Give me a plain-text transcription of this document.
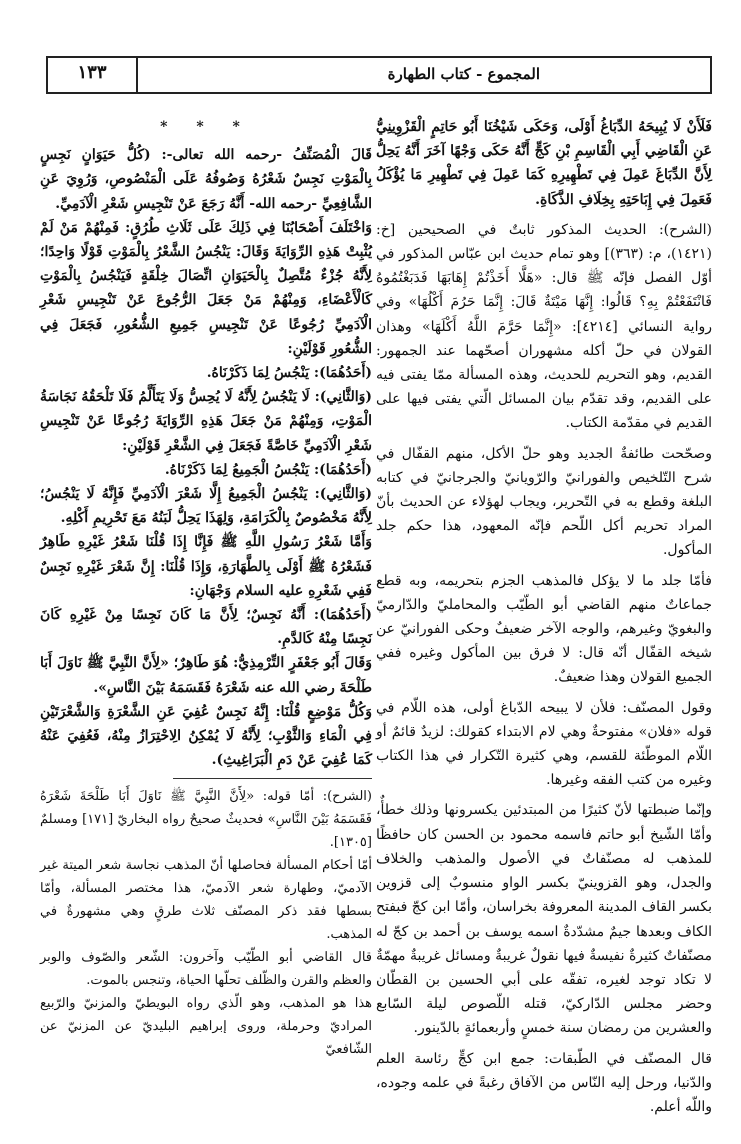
المجموع - كتاب الطهارة
١٣٣

فَلَأَنْ لَا يُبِيحَهُ الدِّبَاغُ أَوْلَى، وَحَكَى شَيْخُنَا أَبُو حَاتِمٍ الْقَزْوِينِيُّ عَنِ الْقَاضِي أَبِي الْقَاسِمِ بْنِ كَجٍّ أَنَّهُ حَكَى وَجْهًا آخَرَ أَنَّهُ يَحِلُّ لِأَنَّ الدِّبَاغَ عَمِلَ فِي تَطْهِيرِهِ كَمَا عَمِلَ فِي تَطْهِيرِ مَا يُؤْكَلُ فَعَمِلَ فِي إِبَاحَتِهِ بِخِلَافِ الذَّكَاةِ.

(الشرح): الحديث المذكور ثابتٌ في الصحيحين [خ: (١٤٢١)، م: (٣٦٣)] وهو تمام حديث ابن عبّاس المذكور في أوّل الفصل فإنّه ﷺ قال: «هَلَّا أَخَذْتُمْ إِهَابَهَا فَدَبَغْتُمُوهُ فَانْتَفَعْتُمْ بِهِ؟ قَالُوا: إِنَّهَا مَيْتَةٌ قَالَ: إِنَّمَا حَرُمَ أَكْلُهَا» وفي رواية النسائي [٤٢١٤]: «إِنَّمَا حَرَّمَ اللَّهُ أَكْلَهَا» وهذان القولان في حلّ أكله مشهوران أصحّهما عند الجمهور: القديم، وهو التحريم للحديث، وهذه المسألة ممّا يفتى فيه على القديم، وقد تقدّم بيان المسائل الّتي يفتى فيها على القديم في مقدّمة الكتاب.

وصحّحت طائفةٌ الجديد وهو حلّ الأكل، منهم القفّال في شرح التّلخيص والفورانيّ والرّويانيّ والجرجانيّ في كتابه البلغة وقطع به في التّحرير، ويجاب لهؤلاء عن الحديث بأنّ المراد تحريم أكل اللّحم فإنّه المعهود، هذا حكم جلد المأكول.

فأمّا جلد ما لا يؤكل فالمذهب الجزم بتحريمه، وبه قطع جماعاتٌ منهم القاضي أبو الطّيّب والمحامليّ والدّارميّ والبغويّ وغيرهم، والوجه الآخر ضعيفٌ وحكى الفورانيّ عن شيخه القفّال أنّه قال: لا فرق بين المأكول وغيره ففي الجميع القولان وهذا ضعيفٌ.

وقول المصنّف: فلأن لا يبيحه الدّباغ أولى، هذه اللّام في قوله «فلان» مفتوحةٌ وهي لام الابتداء كقولك: لزيدٌ قائمٌ أو اللّام الموطّئة للقسم، وهي كثيرة التّكرار في هذا الكتاب وغيره من كتب الفقه وغيرها.

وإنّما ضبطتها لأنّ كثيرًا من المبتدئين يكسرونها وذلك خطأٌ، وأمّا الشّيخ أبو حاتم فاسمه محمود بن الحسن كان حافظًا للمذهب له مصنّفاتٌ في الأصول والمذهب والخلاف والجدل، وهو القزوينيّ بكسر الواو منسوبٌ إلى قزوين بكسر القاف المدينة المعروفة بخراسان، وأمّا ابن كجّ فبفتح الكاف وبعدها جيمٌ مشدّدةٌ اسمه يوسف بن أحمد بن كجّ له مصنّفاتٌ كثيرةٌ نفيسةٌ فيها نقولٌ غريبةٌ ومسائل غريبةٌ مهمّةٌ لا تكاد توجد لغيره، تفقّه على أبي الحسين بن القطّان وحضر مجلس الدّاركيّ، قتله اللّصوص ليلة السّابع والعشرين من رمضان سنة خمسٍ وأربعمائةٍ بالدّينور.

قال المصنّف في الطّبقات: جمع ابن كجٍّ رئاسة العلم والدّنيا، ورحل إليه النّاس من الآفاق رغبةً في علمه وجوده، واللّه أعلم.

* * *

قَالَ الْمُصَنِّفُ -رحمه الله تعالى-: (كُلُّ حَيَوَانٍ نَجِسٍ بِالْمَوْتِ نَجِسٌ شَعْرُهُ وَصُوفُهُ عَلَى الْمَنْصُوصِ، وَرُوِيَ عَنِ الشَّافِعِيِّ -رحمه الله- أَنَّهُ رَجَعَ عَنْ تَنْجِيسِ شَعْرِ الْآدَمِيِّ.

وَاخْتَلَفَ أَصْحَابُنَا فِي ذَلِكَ عَلَى ثَلَاثِ طُرُقٍ: فَمِنْهُمْ مَنْ لَمْ يُثْبِتْ هَذِهِ الرِّوَايَةَ وَقَالَ: يَنْجُسُ الشَّعْرُ بِالْمَوْتِ قَوْلًا وَاحِدًا؛ لِأَنَّهُ جُزْءٌ مُتَّصِلٌ بِالْحَيَوَانِ اتِّصَالَ خِلْقَةٍ فَيَنْجُسُ بِالْمَوْتِ كَالْأَعْضَاءِ، وَمِنْهُمْ مَنْ جَعَلَ الرُّجُوعَ عَنْ تَنْجِيسِ شَعْرِ الْآدَمِيِّ رُجُوعًا عَنْ تَنْجِيسِ جَمِيعِ الشُّعُورِ، فَجَعَلَ فِي الشُّعُورِ قَوْلَيْنِ:

(أَحَدُهُمَا): يَنْجُسُ لِمَا ذَكَرْنَاهُ.

(وَالثَّانِي): لَا يَنْجُسُ لِأَنَّهُ لَا يُحِسُّ وَلَا يَتَأَلَّمُ فَلَا تَلْحَقُهُ نَجَاسَةُ الْمَوْتِ، وَمِنْهُمْ مَنْ جَعَلَ هَذِهِ الرِّوَايَةَ رُجُوعًا عَنْ تَنْجِيسِ شَعْرِ الْآدَمِيِّ خَاصَّةً فَجَعَلَ فِي الشَّعْرِ قَوْلَيْنِ:

(أَحَدُهُمَا): يَنْجُسُ الْجَمِيعُ لِمَا ذَكَرْنَاهُ.

(وَالثَّانِي): يَنْجُسُ الْجَمِيعُ إِلَّا شَعْرَ الْآدَمِيِّ فَإِنَّهُ لَا يَنْجُسُ؛ لِأَنَّهُ مَخْصُوصٌ بِالْكَرَامَةِ، وَلِهَذَا يَحِلُّ لَبَنُهُ مَعَ تَحْرِيمِ أَكْلِهِ.

وَأَمَّا شَعْرُ رَسُولِ اللَّهِ ﷺ فَإِنَّا إِذَا قُلْنَا شَعْرُ غَيْرِهِ طَاهِرٌ فَشَعْرُهُ ﷺ أَوْلَى بِالطَّهَارَةِ، وَإِذَا قُلْنَا: إِنَّ شَعْرَ غَيْرِهِ نَجِسٌ فَفِي شَعْرِهِ عليه السلام وَجْهَانِ:

(أَحَدُهُمَا): أَنَّهُ نَجِسٌ؛ لِأَنَّ مَا كَانَ نَجِسًا مِنْ غَيْرِهِ كَانَ نَجِسًا مِنْهُ كَالدَّمِ.

وَقَالَ أَبُو جَعْفَرٍ التِّرْمِذِيُّ: هُوَ طَاهِرٌ؛ «لِأَنَّ النَّبِيَّ ﷺ نَاوَلَ أَبَا طَلْحَةَ رضي الله عنه شَعْرَهُ فَقَسَمَهُ بَيْنَ النَّاسِ».

وَكُلُّ مَوْضِعٍ قُلْنَا: إِنَّهُ نَجِسٌ عُفِيَ عَنِ الشَّعْرَةِ وَالشَّعْرَتَيْنِ فِي الْمَاءِ وَالثَّوْبِ؛ لِأَنَّهُ لَا يُمْكِنُ الِاحْتِرَازُ مِنْهُ، فَعُفِيَ عَنْهُ كَمَا عُفِيَ عَنْ دَمِ الْبَرَاغِيثِ).

(الشرح): أمّا قوله: «لِأَنَّ النَّبِيَّ ﷺ نَاوَلَ أَبَا طَلْحَةَ شَعْرَهُ فَقَسَمَهُ بَيْنَ النَّاسِ» فحديثٌ صحيحٌ رواه البخاريّ [١٧١] ومسلمٌ [١٣٠٥].

أمّا أحكام المسألة فحاصلها أنّ المذهب نجاسة شعر الميتة غير الآدميّ، وطهارة شعر الآدميّ، هذا مختصر المسألة، وأمّا بسطها فقد ذكر المصنّف ثلاث طرقٍ وهي مشهورةٌ في المذهب.

قال القاضي أبو الطّيّب وآخرون: الشّعر والصّوف والوبر والعظم والقرن والظّلف تحلّها الحياة، وتنجس بالموت.

هذا هو المذهب، وهو الّذي رواه البويطيّ والمزنيّ والرّبيع المراديّ وحرملة، وروى إبراهيم البليديّ عن المزنيّ عن الشّافعيّ
